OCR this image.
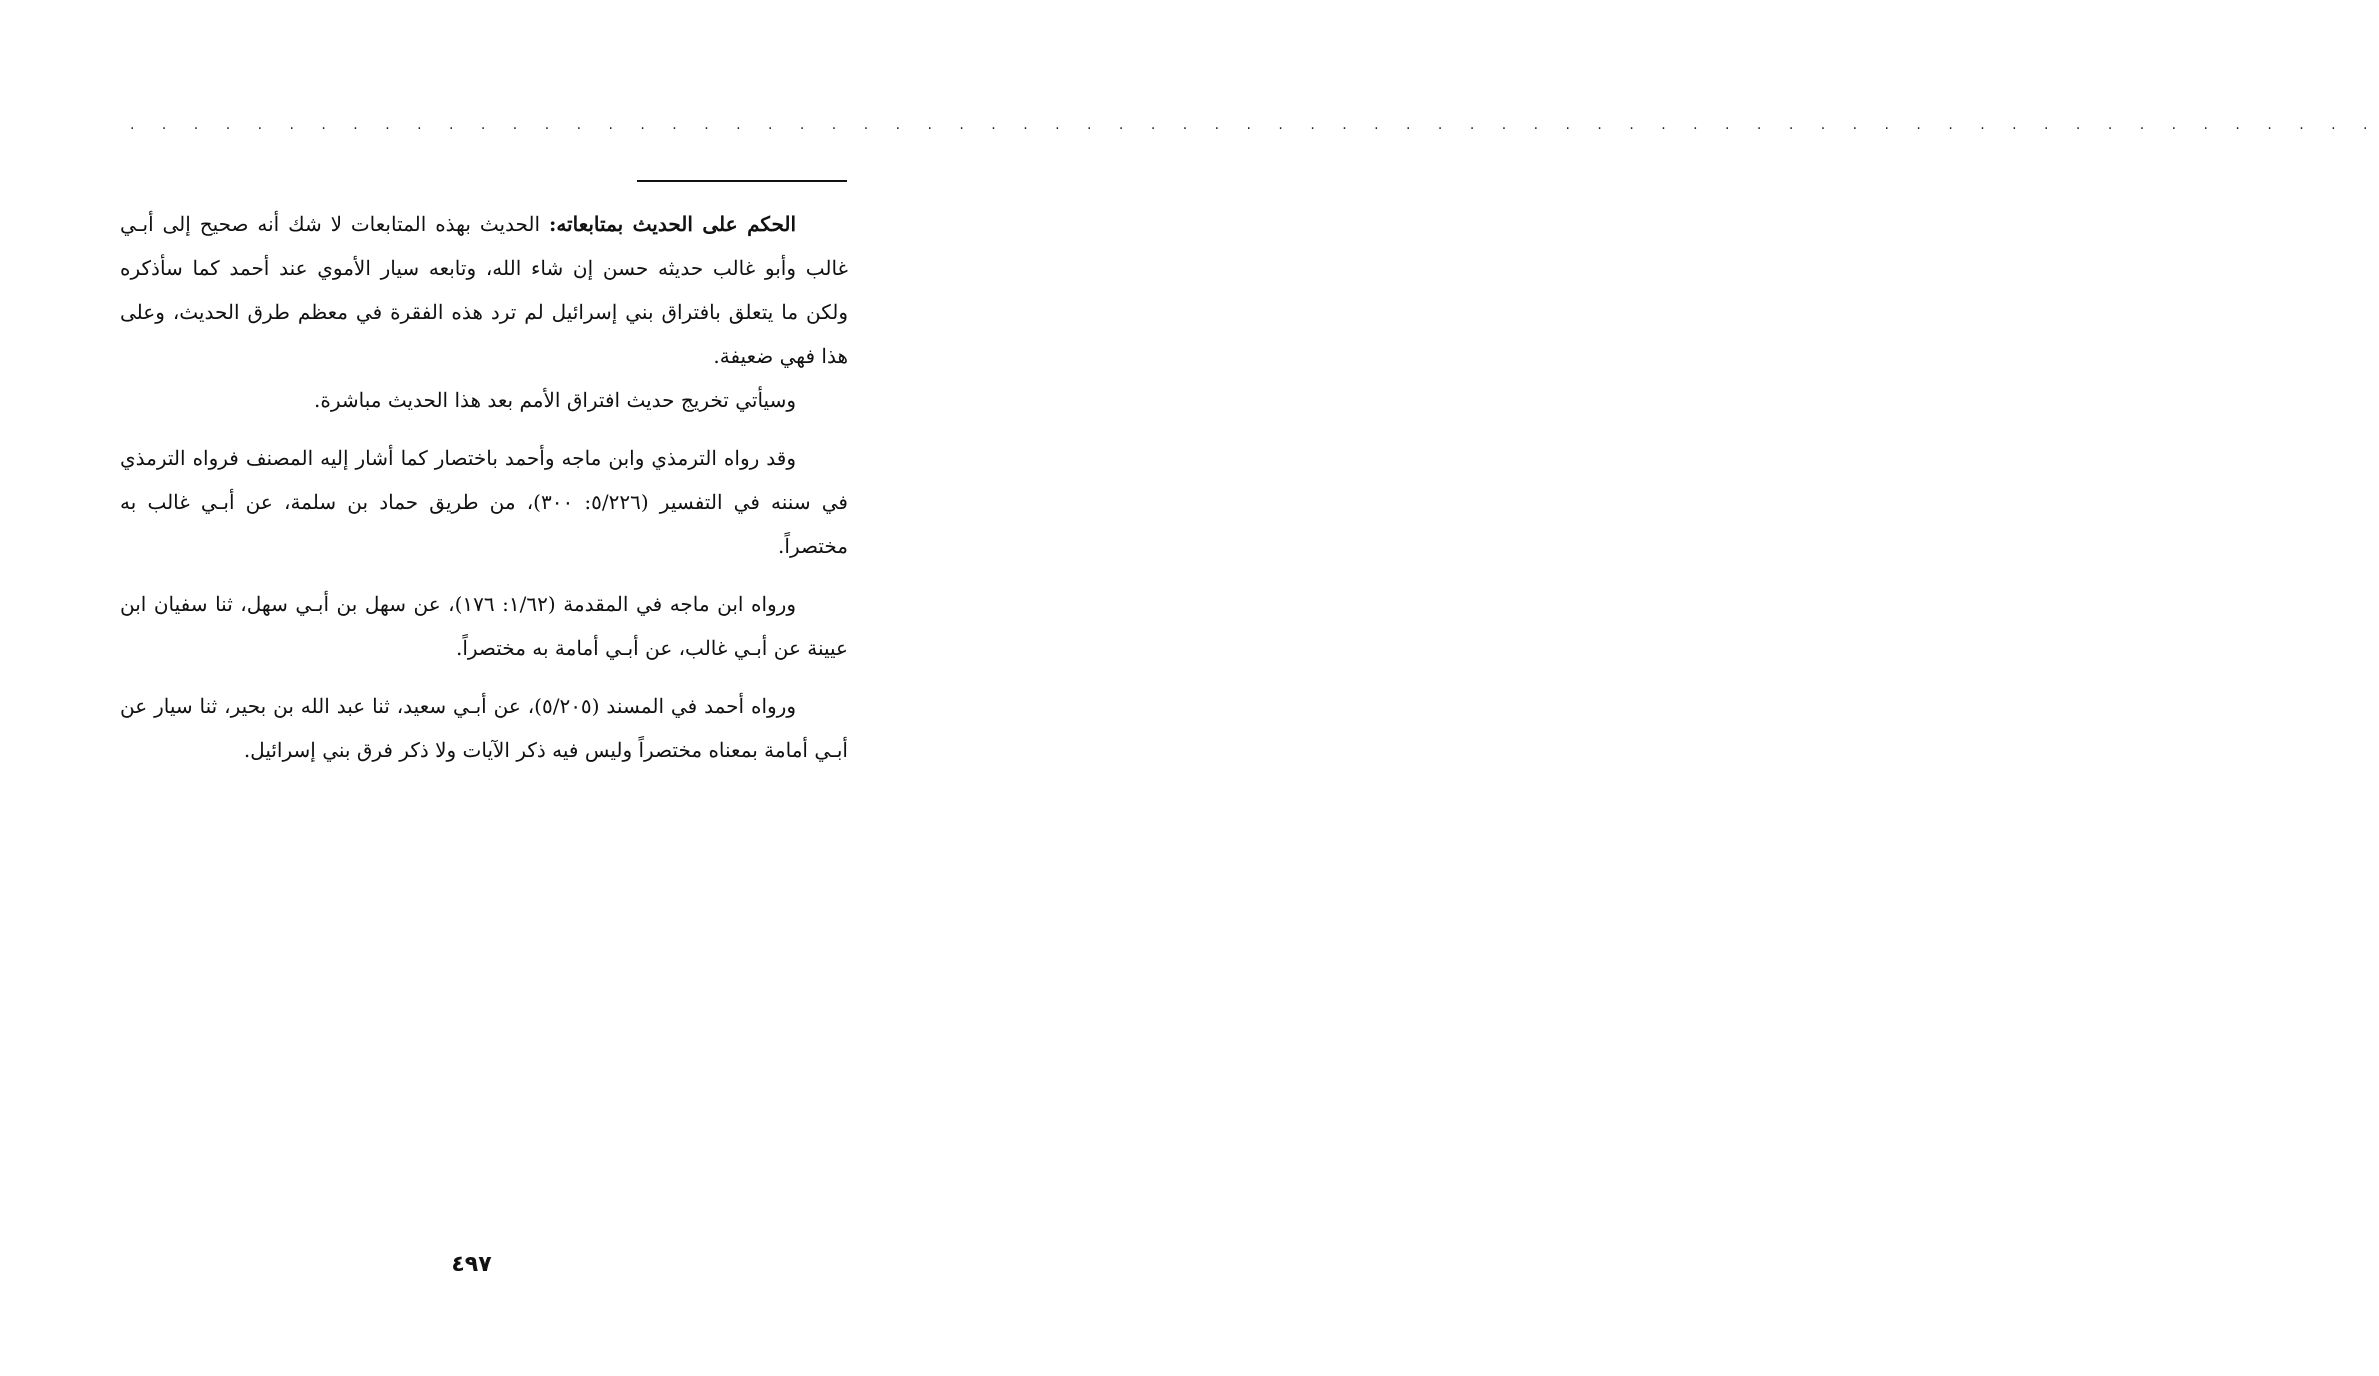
. . . . . . . . . . . . . . . . . . . . . . . . . . . . . . . . . . . . . . . . . . . . . . . . . . . . . . . . . . . . . . . . . . . . . . .

الحكم على الحديث بمتابعاته: الحديث بهذه المتابعات لا شك أنه صحيح إلى أبـي غالب وأبو غالب حديثه حسن إن شاء الله، وتابعه سيار الأموي عند أحمد كما سأذكره ولكن ما يتعلق بافتراق بني إسرائيل لم ترد هذه الفقرة في معظم طرق الحديث، وعلى هذا فهي ضعيفة.

وسيأتي تخريج حديث افتراق الأمم بعد هذا الحديث مباشرة.

وقد رواه الترمذي وابن ماجه وأحمد باختصار كما أشار إليه المصنف فرواه الترمذي في سننه في التفسير (٥/٢٢٦: ٣٠٠)، من طريق حماد بن سلمة، عن أبـي غالب به مختصراً.

ورواه ابن ماجه في المقدمة (١/٦٢: ١٧٦)، عن سهل بن أبـي سهل، ثنا سفيان ابن عيينة عن أبـي غالب، عن أبـي أمامة به مختصراً.

ورواه أحمد في المسند (٥/٢٠٥)، عن أبـي سعيد، ثنا عبد الله بن بحير، ثنا سيار عن أبـي أمامة بمعناه مختصراً وليس فيه ذكر الآيات ولا ذكر فرق بني إسرائيل.

٤٩٧
